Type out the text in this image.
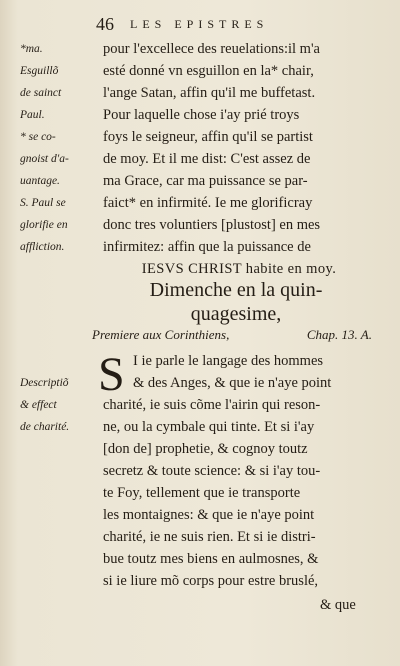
46 LES EPISTRES
*ma.	pour l'excellece des reuelations:il m'a
Esguillõ	esté donné vn esguillon en la* chair,
de sainct	l'ange Satan, affin qu'il me buffetast.
Paul.	Pour laquelle chose i'ay prié troys
* se co-	foys le seigneur, affin qu'il se partist
gnoist d'a-	de moy. Et il me dist: C'est assez de
uantage.	ma Grace, car ma puissance se par-
S. Paul se	faict* en infirmité. Ie me glorificray
glorifie en	donc tres voluntiers [plustost] en mes
affliction.	infirmitez: affin que la puissance de
IESVS CHRIST habite en moy.
Dimenche en la quin-
quagesime,
Premiere aux Corinthiens,	Chap. 13. A.
S I ie parle le langage des hommes
Descriptiõ	& des Anges, & que ie n'aye point
& effect	charité, ie suis cõme l'airin qui reson-
de charité.	ne, ou la cymbale qui tinte. Et si i'ay
[don de] prophetie, & cognoy toutz
secretz & toute science: & si i'ay tou-
te Foy, tellement que ie transporte
les montaignes: & que ie n'aye point
charité, ie ne suis rien. Et si ie distri-
bue toutz mes biens en aulmosnes, &
si ie liure mõ corps pour estre bruslé,
& que
